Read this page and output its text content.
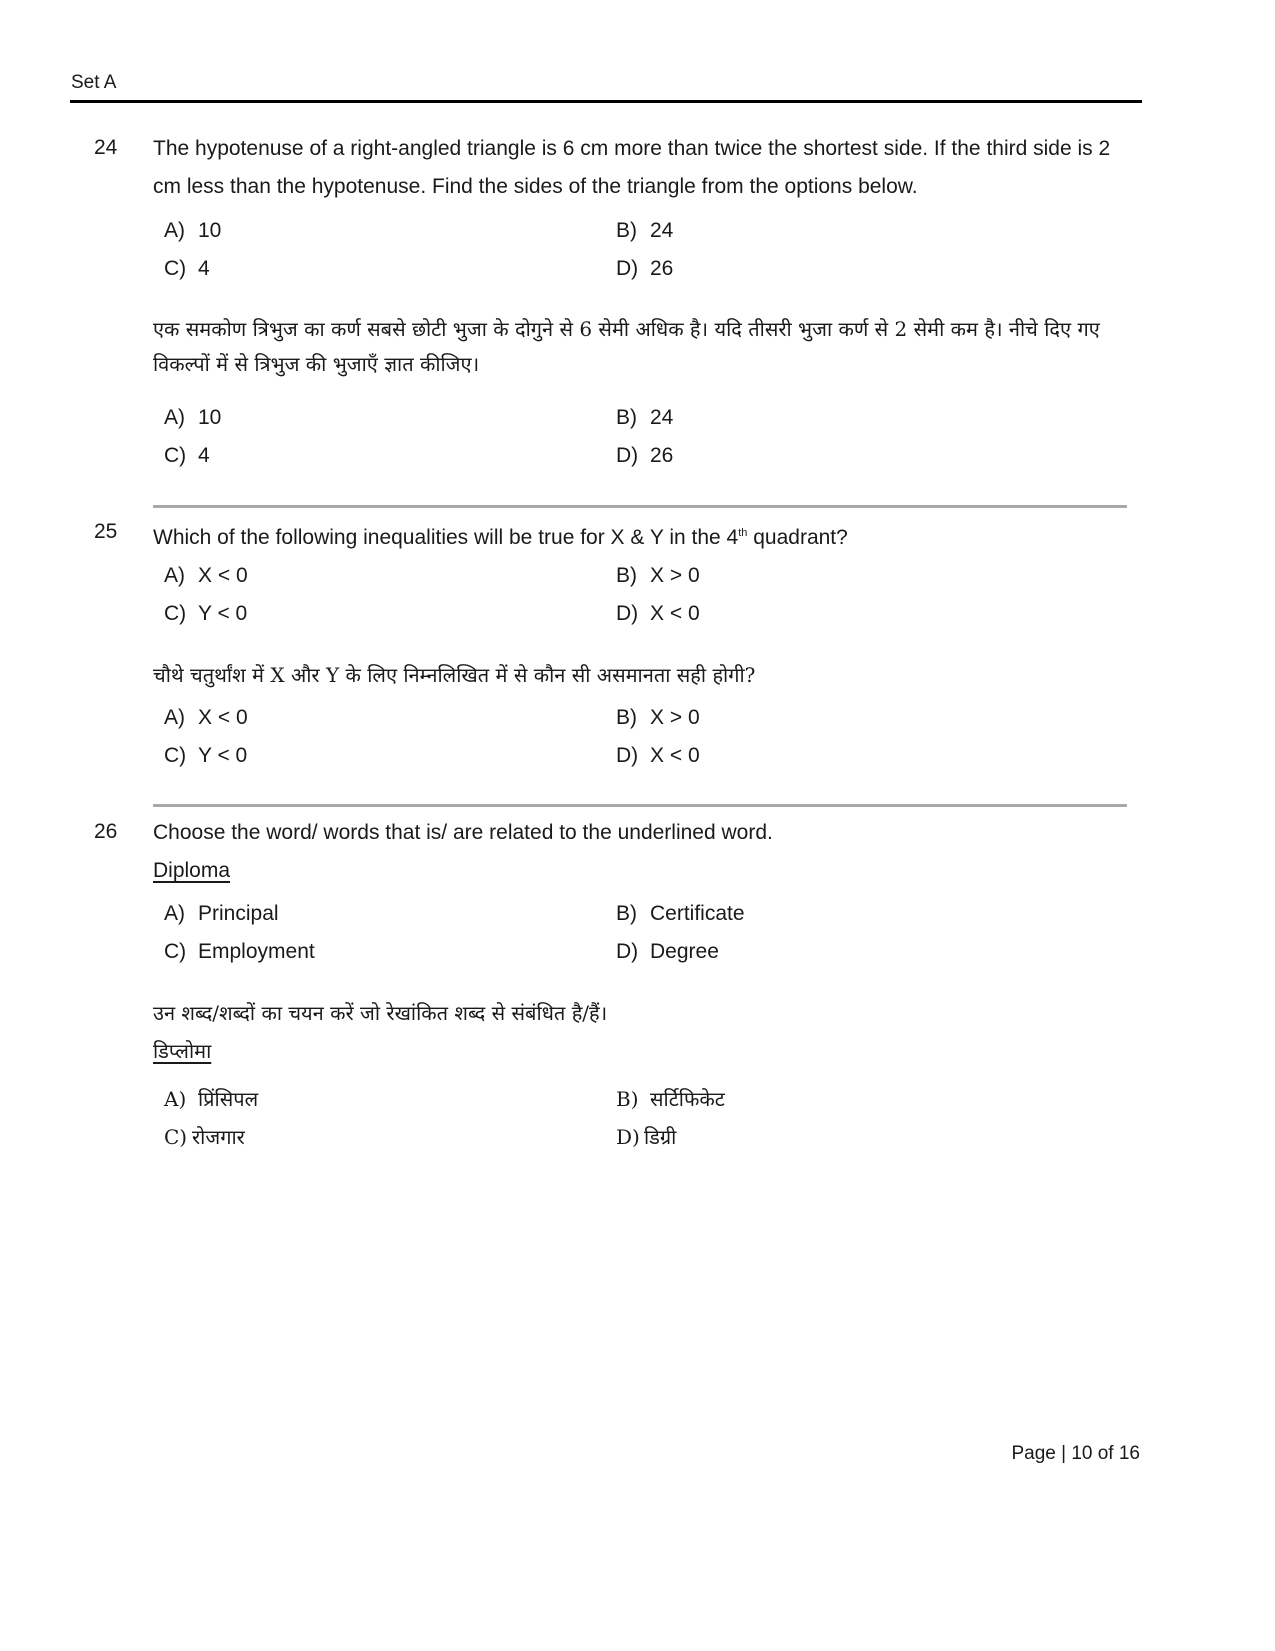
Set A
24 The hypotenuse of a right-angled triangle is 6 cm more than twice the shortest side. If the third side is 2 cm less than the hypotenuse. Find the sides of the triangle from the options below.
A) 10	B) 24
C) 4	D) 26
एक समकोण त्रिभुज का कर्ण सबसे छोटी भुजा के दोगुने से 6 सेमी अधिक है। यदि तीसरी भुजा कर्ण से 2 सेमी कम है। नीचे दिए गए विकल्पों में से त्रिभुज की भुजाएँ ज्ञात कीजिए।
A) 10	B) 24
C) 4	D) 26
25 Which of the following inequalities will be true for X & Y in the 4th quadrant?
A) X < 0	B) X > 0
C) Y < 0	D) X < 0
चौथे चतुर्थांश में X और Y के लिए निम्नलिखित में से कौन सी असमानता सही होगी?
A) X < 0	B) X > 0
C) Y < 0	D) X < 0
26 Choose the word/ words that is/ are related to the underlined word.
Diploma
A) Principal	B) Certificate
C) Employment	D) Degree
उन शब्द/शब्दों का चयन करें जो रेखांकित शब्द से संबंधित है/हैं।
डिप्लोमा
A) प्रिंसिपल	B) सर्टिफिकेट
C) रोजगार	D) डिग्री
Page | 10 of 16
